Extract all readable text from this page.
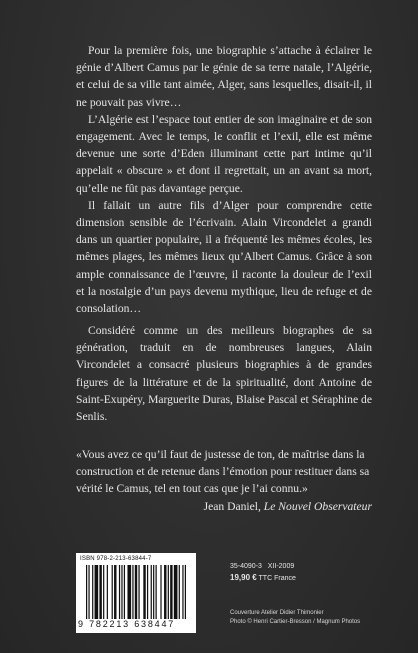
Pour la première fois, une biographie s’attache à éclairer le génie d’Albert Camus par le génie de sa terre natale, l’Algérie, et celui de sa ville tant aimée, Alger, sans lesquelles, disait-il, il ne pouvait pas vivre…

L’Algérie est l’espace tout entier de son imaginaire et de son engagement. Avec le temps, le conflit et l’exil, elle est même devenue une sorte d’Eden illuminant cette part intime qu’il appelait « obscure » et dont il regrettait, un an avant sa mort, qu’elle ne fût pas davantage perçue.

Il fallait un autre fils d’Alger pour comprendre cette dimension sensible de l’écrivain. Alain Vircondelet a grandi dans un quartier populaire, il a fréquenté les mêmes écoles, les mêmes plages, les mêmes lieux qu’Albert Camus. Grâce à son ample connaissance de l’œuvre, il raconte la douleur de l’exil et la nostalgie d’un pays devenu mythique, lieu de refuge et de consolation…

Considéré comme un des meilleurs biographes de sa génération, traduit en de nombreuses langues, Alain Vircondelet a consacré plusieurs biographies à de grandes figures de la littérature et de la spiritualité, dont Antoine de Saint-Exupéry, Marguerite Duras, Blaise Pascal et Séraphine de Senlis.

«Vous avez ce qu’il faut de justesse de ton, de maîtrise dans la construction et de retenue dans l’émotion pour restituer dans sa vérité le Camus, tel en tout cas que je l’ai connu.»

Jean Daniel, Le Nouvel Observateur

ISBN 978-2-213-63844-7
9 782213 638447
35-4090-3 XII-2009
19,90 € TTC France
Couverture Atelier Didier Thimonier
Photo © Henri Cartier-Bresson / Magnum Photos
